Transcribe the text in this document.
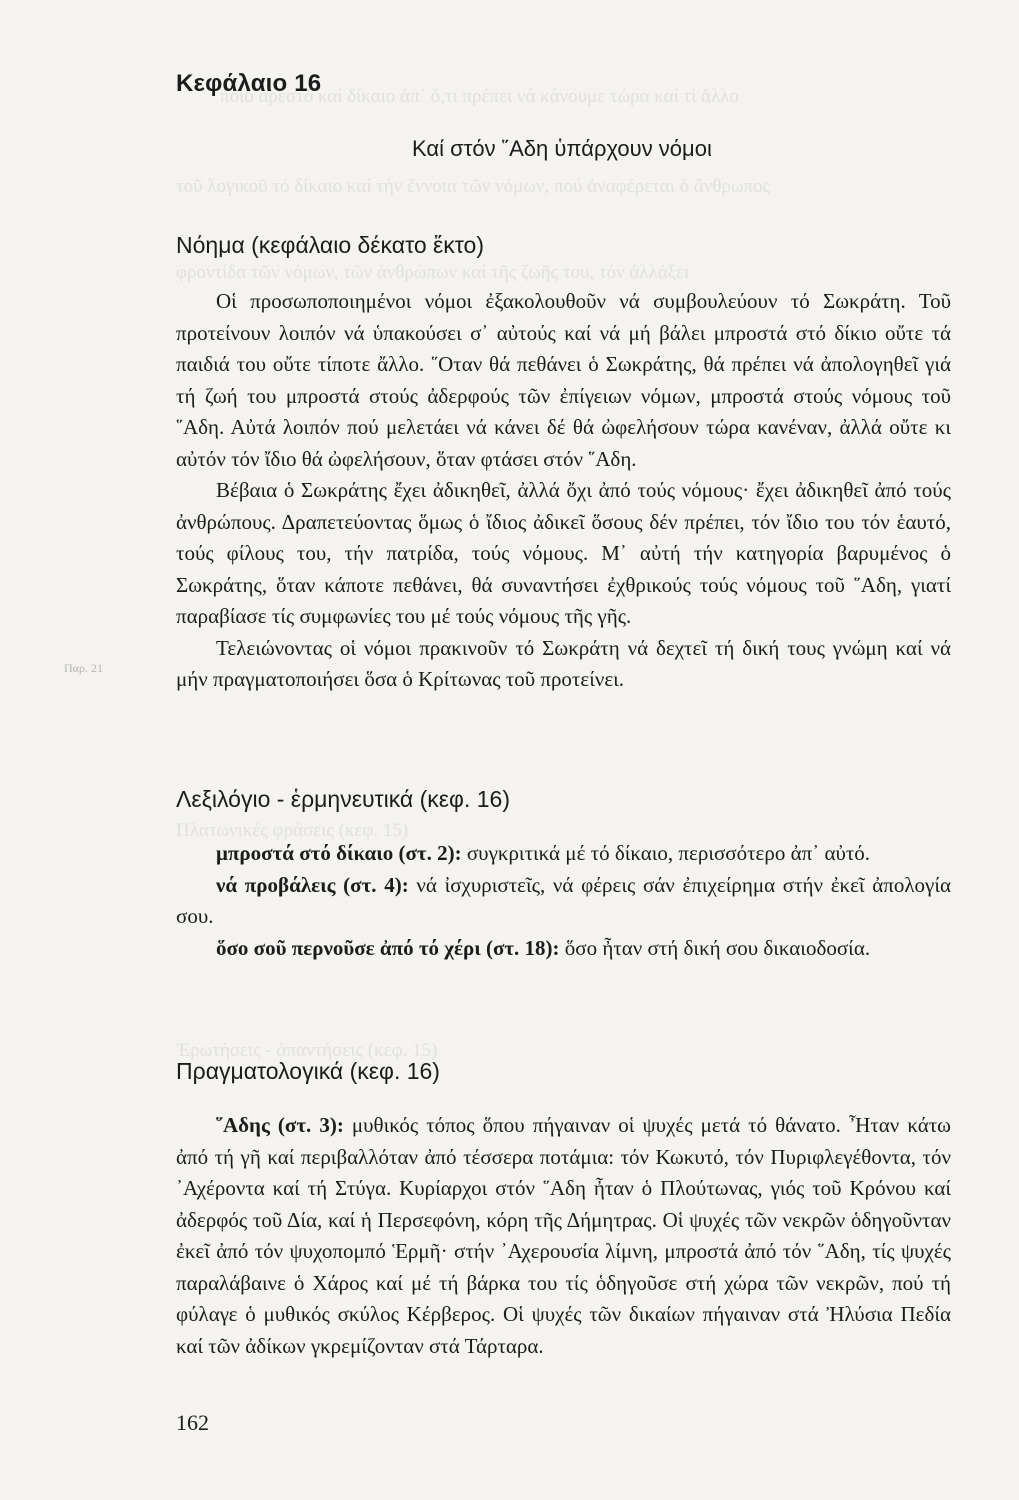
ποιό ἀρεστό καί δίκαιο ἀπ᾽ ὅ,τι πρέπει νά κάνουμε τώρα καί τί ἄλλο
τοῦ λογικοῦ τό δίκαιο καί τήν ἔννοια τῶν νόμων, πού ἀναφέρεται ὁ ἄνθρωπος
φροντίδα τῶν νόμων, τῶν ἀνθρώπων καί τῆς ζωῆς του, τόν ἀλλάξει
Πλατωνικές φράσεις (κεφ. 15)
Ἐρωτήσεις - ἀπαντήσεις (κεφ. 15)
Παρ. 21
Κεφάλαιο 16
Καί στόν ῞Αδη ὑπάρχουν νόμοι
Νόημα (κεφάλαιο δέκατο ἕκτο)

Οἱ προσωποποιημένοι νόμοι ἐξακολουθοῦν νά συμβουλεύουν τό Σωκράτη. Τοῦ προτείνουν λοιπόν νά ὑπακούσει σ᾽ αὐτούς καί νά μή βάλει μπροστά στό δίκιο οὔτε τά παιδιά του οὔτε τίποτε ἄλλο. ῞Οταν θά πεθάνει ὁ Σωκράτης, θά πρέπει νά ἀπολογηθεῖ γιά τή ζωή του μπροστά στούς ἀδερφούς τῶν ἐπίγειων νόμων, μπροστά στούς νόμους τοῦ ῞Αδη. Αὐτά λοιπόν πού μελετάει νά κάνει δέ θά ὠφελήσουν τώρα κανέναν, ἀλλά οὔτε κι αὐτόν τόν ἴδιο θά ὠφελήσουν, ὅταν φτάσει στόν ῞Αδη.

Βέβαια ὁ Σωκράτης ἔχει ἀδικηθεῖ, ἀλλά ὄχι ἀπό τούς νόμους· ἔχει ἀδικηθεῖ ἀπό τούς ἀνθρώπους. Δραπετεύοντας ὅμως ὁ ἴδιος ἀδικεῖ ὅσους δέν πρέπει, τόν ἴδιο του τόν ἑαυτό, τούς φίλους του, τήν πατρίδα, τούς νόμους. Μ᾽ αὐτή τήν κατηγορία βαρυμένος ὁ Σωκράτης, ὅταν κάποτε πεθάνει, θά συναντήσει ἐχθρικούς τούς νόμους τοῦ ῞Αδη, γιατί παραβίασε τίς συμφωνίες του μέ τούς νόμους τῆς γῆς.

Τελειώνοντας οἱ νόμοι πρακινοῦν τό Σωκράτη νά δεχτεῖ τή δική τους γνώμη καί νά μήν πραγματοποιήσει ὅσα ὁ Κρίτωνας τοῦ προτείνει.

Λεξιλόγιο - ἑρμηνευτικά (κεφ. 16)

μπροστά στό δίκαιο (στ. 2): συγκριτικά μέ τό δίκαιο, περισσότερο ἀπ᾽ αὐτό.

νά προβάλεις (στ. 4): νά ἰσχυριστεῖς, νά φέρεις σάν ἐπιχείρημα στήν ἐκεῖ ἀπολογία σου.

ὅσο σοῦ περνοῦσε ἀπό τό χέρι (στ. 18): ὅσο ἦταν στή δική σου δικαιοδοσία.

Πραγματολογικά (κεφ. 16)

῞Αδης (στ. 3): μυθικός τόπος ὅπου πήγαιναν οἱ ψυχές μετά τό θάνατο. Ἦταν κάτω ἀπό τή γῆ καί περιβαλλόταν ἀπό τέσσερα ποτάμια: τόν Κωκυτό, τόν Πυριφλεγέθοντα, τόν ᾽Αχέροντα καί τή Στύγα. Κυρίαρχοι στόν ῞Αδη ἦταν ὁ Πλούτωνας, γιός τοῦ Κρόνου καί ἀδερφός τοῦ Δία, καί ἡ Περσεφόνη, κόρη τῆς Δήμητρας. Οἱ ψυχές τῶν νεκρῶν ὁδηγοῦνταν ἐκεῖ ἀπό τόν ψυχοπομπό Ἑρμῆ· στήν ᾽Αχερουσία λίμνη, μπροστά ἀπό τόν ῞Αδη, τίς ψυχές παραλάβαινε ὁ Χάρος καί μέ τή βάρκα του τίς ὁδηγοῦσε στή χώρα τῶν νεκρῶν, πού τή φύλαγε ὁ μυθικός σκύλος Κέρβερος. Οἱ ψυχές τῶν δικαίων πήγαιναν στά Ἠλύσια Πεδία καί τῶν ἀδίκων γκρεμίζονταν στά Τάρταρα.

162
